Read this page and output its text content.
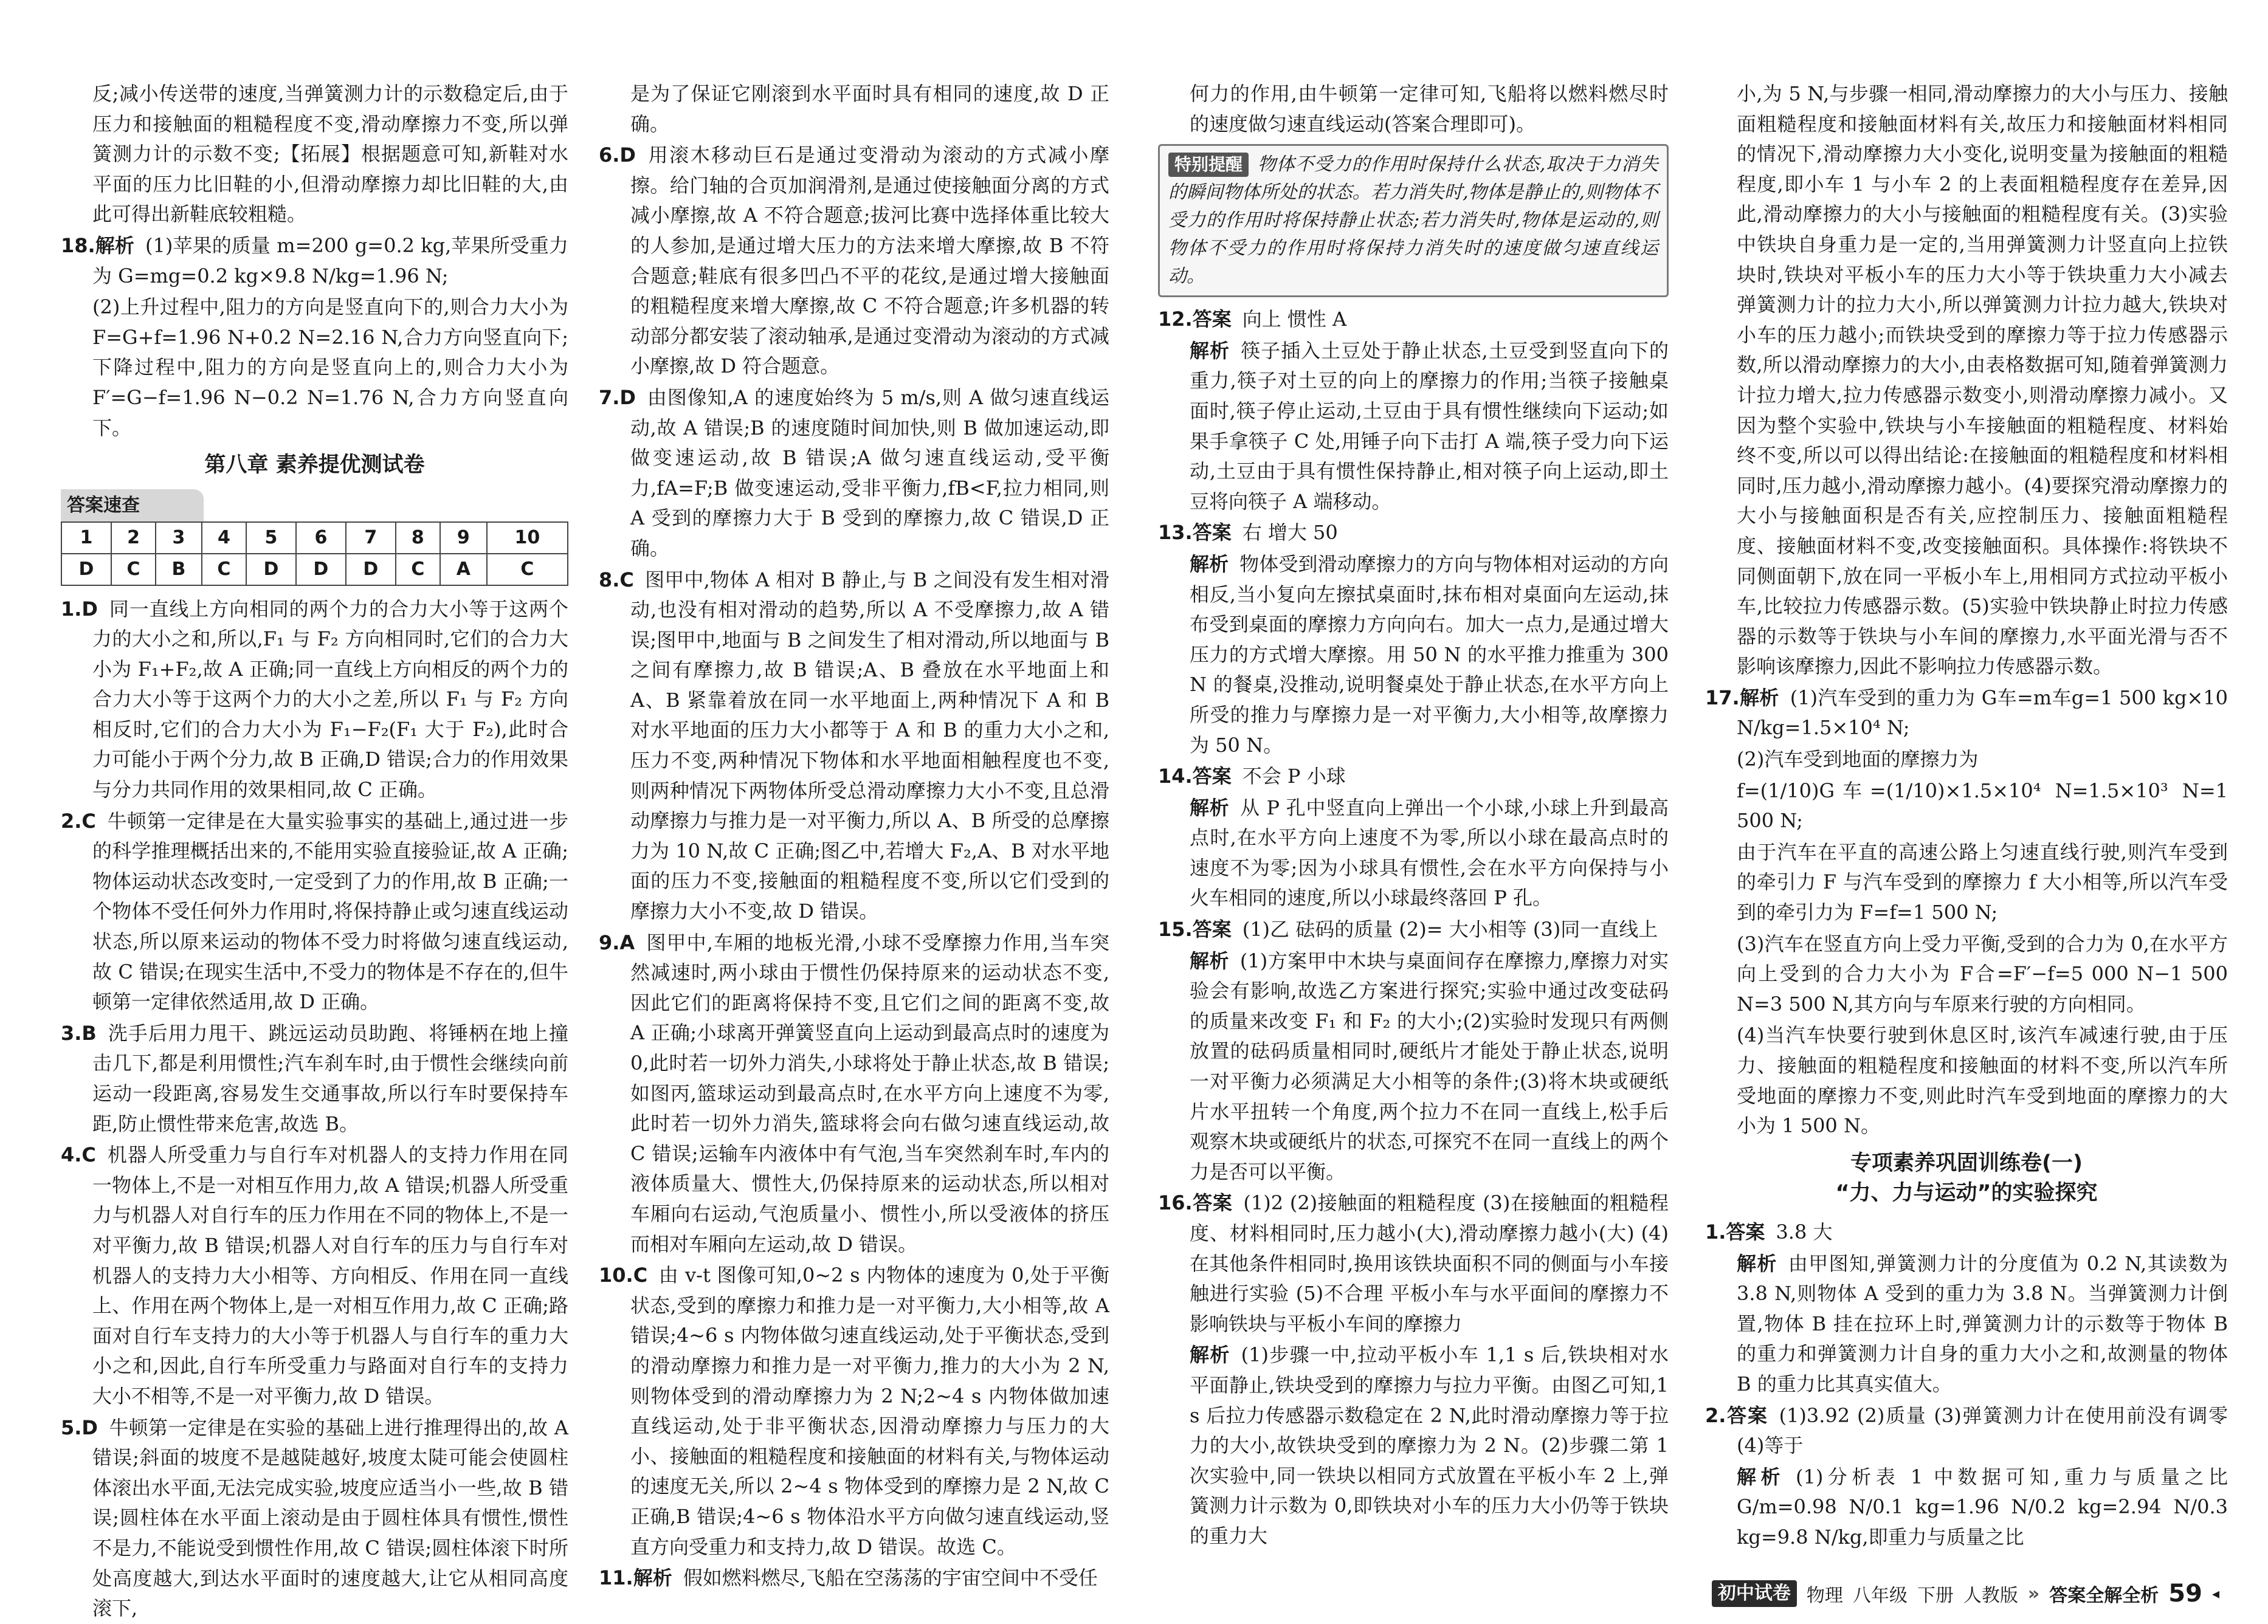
反;减小传送带的速度,当弹簧测力计的示数稳定后,由于压力和接触面的粗糙程度不变,滑动摩擦力不变,所以弹簧测力计的示数不变;【拓展】根据题意可知,新鞋对水平面的压力比旧鞋的小,但滑动摩擦力却比旧鞋的大,由此可得出新鞋底较粗糙。

18.解析 (1)苹果的质量 m=200 g=0.2 kg,苹果所受重力为 G=mg=0.2 kg×9.8 N/kg=1.96 N;

(2)上升过程中,阻力的方向是竖直向下的,则合力大小为 F=G+f=1.96 N+0.2 N=2.16 N,合力方向竖直向下;下降过程中,阻力的方向是竖直向上的,则合力大小为 F′=G−f=1.96 N−0.2 N=1.76 N,合力方向竖直向下。

第八章 素养提优测试卷
答案速查
1	2	3	4	5	6	7	8	9	10
D	C	B	C	D	D	D	C	A	C

1.D 同一直线上方向相同的两个力的合力大小等于这两个力的大小之和,所以,F₁ 与 F₂ 方向相同时,它们的合力大小为 F₁+F₂,故 A 正确;同一直线上方向相反的两个力的合力大小等于这两个力的大小之差,所以 F₁ 与 F₂ 方向相反时,它们的合力大小为 F₁−F₂(F₁ 大于 F₂),此时合力可能小于两个分力,故 B 正确,D 错误;合力的作用效果与分力共同作用的效果相同,故 C 正确。

2.C 牛顿第一定律是在大量实验事实的基础上,通过进一步的科学推理概括出来的,不能用实验直接验证,故 A 正确;物体运动状态改变时,一定受到了力的作用,故 B 正确;一个物体不受任何外力作用时,将保持静止或匀速直线运动状态,所以原来运动的物体不受力时将做匀速直线运动,故 C 错误;在现实生活中,不受力的物体是不存在的,但牛顿第一定律依然适用,故 D 正确。

3.B 洗手后用力甩干、跳远运动员助跑、将锤柄在地上撞击几下,都是利用惯性;汽车刹车时,由于惯性会继续向前运动一段距离,容易发生交通事故,所以行车时要保持车距,防止惯性带来危害,故选 B。

4.C 机器人所受重力与自行车对机器人的支持力作用在同一物体上,不是一对相互作用力,故 A 错误;机器人所受重力与机器人对自行车的压力作用在不同的物体上,不是一对平衡力,故 B 错误;机器人对自行车的压力与自行车对机器人的支持力大小相等、方向相反、作用在同一直线上、作用在两个物体上,是一对相互作用力,故 C 正确;路面对自行车支持力的大小等于机器人与自行车的重力大小之和,因此,自行车所受重力与路面对自行车的支持力大小不相等,不是一对平衡力,故 D 错误。

5.D 牛顿第一定律是在实验的基础上进行推理得出的,故 A 错误;斜面的坡度不是越陡越好,坡度太陡可能会使圆柱体滚出水平面,无法完成实验,坡度应适当小一些,故 B 错误;圆柱体在水平面上滚动是由于圆柱体具有惯性,惯性不是力,不能说受到惯性作用,故 C 错误;圆柱体滚下时所处高度越大,到达水平面时的速度越大,让它从相同高度滚下,

是为了保证它刚滚到水平面时具有相同的速度,故 D 正确。

6.D 用滚木移动巨石是通过变滑动为滚动的方式减小摩擦。给门轴的合页加润滑剂,是通过使接触面分离的方式减小摩擦,故 A 不符合题意;拔河比赛中选择体重比较大的人参加,是通过增大压力的方法来增大摩擦,故 B 不符合题意;鞋底有很多凹凸不平的花纹,是通过增大接触面的粗糙程度来增大摩擦,故 C 不符合题意;许多机器的转动部分都安装了滚动轴承,是通过变滑动为滚动的方式减小摩擦,故 D 符合题意。

7.D 由图像知,A 的速度始终为 5 m/s,则 A 做匀速直线运动,故 A 错误;B 的速度随时间加快,则 B 做加速运动,即做变速运动,故 B 错误;A 做匀速直线运动,受平衡力,fA=F;B 做变速运动,受非平衡力,fB<F,拉力相同,则 A 受到的摩擦力大于 B 受到的摩擦力,故 C 错误,D 正确。

8.C 图甲中,物体 A 相对 B 静止,与 B 之间没有发生相对滑动,也没有相对滑动的趋势,所以 A 不受摩擦力,故 A 错误;图甲中,地面与 B 之间发生了相对滑动,所以地面与 B 之间有摩擦力,故 B 错误;A、B 叠放在水平地面上和 A、B 紧靠着放在同一水平地面上,两种情况下 A 和 B 对水平地面的压力大小都等于 A 和 B 的重力大小之和,压力不变,两种情况下物体和水平地面相触程度也不变,则两种情况下两物体所受总滑动摩擦力大小不变,且总滑动摩擦力与推力是一对平衡力,所以 A、B 所受的总摩擦力为 10 N,故 C 正确;图乙中,若增大 F₂,A、B 对水平地面的压力不变,接触面的粗糙程度不变,所以它们受到的摩擦力大小不变,故 D 错误。

9.A 图甲中,车厢的地板光滑,小球不受摩擦力作用,当车突然减速时,两小球由于惯性仍保持原来的运动状态不变,因此它们的距离将保持不变,且它们之间的距离不变,故 A 正确;小球离开弹簧竖直向上运动到最高点时的速度为 0,此时若一切外力消失,小球将处于静止状态,故 B 错误;如图丙,篮球运动到最高点时,在水平方向上速度不为零,此时若一切外力消失,篮球将会向右做匀速直线运动,故 C 错误;运输车内液体中有气泡,当车突然刹车时,车内的液体质量大、惯性大,仍保持原来的运动状态,所以相对车厢向右运动,气泡质量小、惯性小,所以受液体的挤压而相对车厢向左运动,故 D 错误。

10.C 由 v-t 图像可知,0~2 s 内物体的速度为 0,处于平衡状态,受到的摩擦力和推力是一对平衡力,大小相等,故 A 错误;4~6 s 内物体做匀速直线运动,处于平衡状态,受到的滑动摩擦力和推力是一对平衡力,推力的大小为 2 N,则物体受到的滑动摩擦力为 2 N;2~4 s 内物体做加速直线运动,处于非平衡状态,因滑动摩擦力与压力的大小、接触面的粗糙程度和接触面的材料有关,与物体运动的速度无关,所以 2~4 s 物体受到的摩擦力是 2 N,故 C 正确,B 错误;4~6 s 物体沿水平方向做匀速直线运动,竖直方向受重力和支持力,故 D 错误。故选 C。

11.解析 假如燃料燃尽,飞船在空荡荡的宇宙空间中不受任

何力的作用,由牛顿第一定律可知,飞船将以燃料燃尽时的速度做匀速直线运动(答案合理即可)。

特别提醒 物体不受力的作用时保持什么状态,取决于力消失的瞬间物体所处的状态。若力消失时,物体是静止的,则物体不受力的作用时将保持静止状态;若力消失时,物体是运动的,则物体不受力的作用时将保持力消失时的速度做匀速直线运动。

12.答案 向上 惯性 A

解析 筷子插入土豆处于静止状态,土豆受到竖直向下的重力,筷子对土豆的向上的摩擦力的作用;当筷子接触桌面时,筷子停止运动,土豆由于具有惯性继续向下运动;如果手拿筷子 C 处,用锤子向下击打 A 端,筷子受力向下运动,土豆由于具有惯性保持静止,相对筷子向上运动,即土豆将向筷子 A 端移动。

13.答案 右 增大 50

解析 物体受到滑动摩擦力的方向与物体相对运动的方向相反,当小复向左擦拭桌面时,抹布相对桌面向左运动,抹布受到桌面的摩擦力方向向右。加大一点力,是通过增大压力的方式增大摩擦。用 50 N 的水平推力推重为 300 N 的餐桌,没推动,说明餐桌处于静止状态,在水平方向上所受的推力与摩擦力是一对平衡力,大小相等,故摩擦力为 50 N。

14.答案 不会 P 小球

解析 从 P 孔中竖直向上弹出一个小球,小球上升到最高点时,在水平方向上速度不为零,所以小球在最高点时的速度不为零;因为小球具有惯性,会在水平方向保持与小火车相同的速度,所以小球最终落回 P 孔。

15.答案 (1)乙 砝码的质量 (2)= 大小相等 (3)同一直线上

解析 (1)方案甲中木块与桌面间存在摩擦力,摩擦力对实验会有影响,故选乙方案进行探究;实验中通过改变砝码的质量来改变 F₁ 和 F₂ 的大小;(2)实验时发现只有两侧放置的砝码质量相同时,硬纸片才能处于静止状态,说明一对平衡力必须满足大小相等的条件;(3)将木块或硬纸片水平扭转一个角度,两个拉力不在同一直线上,松手后观察木块或硬纸片的状态,可探究不在同一直线上的两个力是否可以平衡。

16.答案 (1)2 (2)接触面的粗糙程度 (3)在接触面的粗糙程度、材料相同时,压力越小(大),滑动摩擦力越小(大) (4)在其他条件相同时,换用该铁块面积不同的侧面与小车接触进行实验 (5)不合理 平板小车与水平面间的摩擦力不影响铁块与平板小车间的摩擦力

解析 (1)步骤一中,拉动平板小车 1,1 s 后,铁块相对水平面静止,铁块受到的摩擦力与拉力平衡。由图乙可知,1 s 后拉力传感器示数稳定在 2 N,此时滑动摩擦力等于拉力的大小,故铁块受到的摩擦力为 2 N。(2)步骤二第 1 次实验中,同一铁块以相同方式放置在平板小车 2 上,弹簧测力计示数为 0,即铁块对小车的压力大小仍等于铁块的重力大

小,为 5 N,与步骤一相同,滑动摩擦力的大小与压力、接触面粗糙程度和接触面材料有关,故压力和接触面材料相同的情况下,滑动摩擦力大小变化,说明变量为接触面的粗糙程度,即小车 1 与小车 2 的上表面粗糙程度存在差异,因此,滑动摩擦力的大小与接触面的粗糙程度有关。(3)实验中铁块自身重力是一定的,当用弹簧测力计竖直向上拉铁块时,铁块对平板小车的压力大小等于铁块重力大小减去弹簧测力计的拉力大小,所以弹簧测力计拉力越大,铁块对小车的压力越小;而铁块受到的摩擦力等于拉力传感器示数,所以滑动摩擦力的大小,由表格数据可知,随着弹簧测力计拉力增大,拉力传感器示数变小,则滑动摩擦力减小。又因为整个实验中,铁块与小车接触面的粗糙程度、材料始终不变,所以可以得出结论:在接触面的粗糙程度和材料相同时,压力越小,滑动摩擦力越小。(4)要探究滑动摩擦力的大小与接触面积是否有关,应控制压力、接触面粗糙程度、接触面材料不变,改变接触面积。具体操作:将铁块不同侧面朝下,放在同一平板小车上,用相同方式拉动平板小车,比较拉力传感器示数。(5)实验中铁块静止时拉力传感器的示数等于铁块与小车间的摩擦力,水平面光滑与否不影响该摩擦力,因此不影响拉力传感器示数。

17.解析 (1)汽车受到的重力为 G车=m车g=1 500 kg×10 N/kg=1.5×10⁴ N;

(2)汽车受到地面的摩擦力为

f=(1/10)G车=(1/10)×1.5×10⁴ N=1.5×10³ N=1 500 N;

由于汽车在平直的高速公路上匀速直线行驶,则汽车受到的牵引力 F 与汽车受到的摩擦力 f 大小相等,所以汽车受到的牵引力为 F=f=1 500 N;

(3)汽车在竖直方向上受力平衡,受到的合力为 0,在水平方向上受到的合力大小为 F合=F′−f=5 000 N−1 500 N=3 500 N,其方向与车原来行驶的方向相同。

(4)当汽车快要行驶到休息区时,该汽车减速行驶,由于压力、接触面的粗糙程度和接触面的材料不变,所以汽车所受地面的摩擦力不变,则此时汽车受到地面的摩擦力的大小为 1 500 N。

专项素养巩固训练卷(一)
“力、力与运动”的实验探究

1.答案 3.8 大

解析 由甲图知,弹簧测力计的分度值为 0.2 N,其读数为 3.8 N,则物体 A 受到的重力为 3.8 N。当弹簧测力计倒置,物体 B 挂在拉环上时,弹簧测力计的示数等于物体 B 的重力和弹簧测力计自身的重力大小之和,故测量的物体 B 的重力比其真实值大。

2.答案 (1)3.92 (2)质量 (3)弹簧测力计在使用前没有调零 (4)等于

解析 (1)分析表 1 中数据可知,重力与质量之比 G/m=0.98 N/0.1 kg=1.96 N/0.2 kg=2.94 N/0.3 kg=9.8 N/kg,即重力与质量之比

初中试卷 物理 八年级 下册 人教版 » 答案全解全析 59 ◂
